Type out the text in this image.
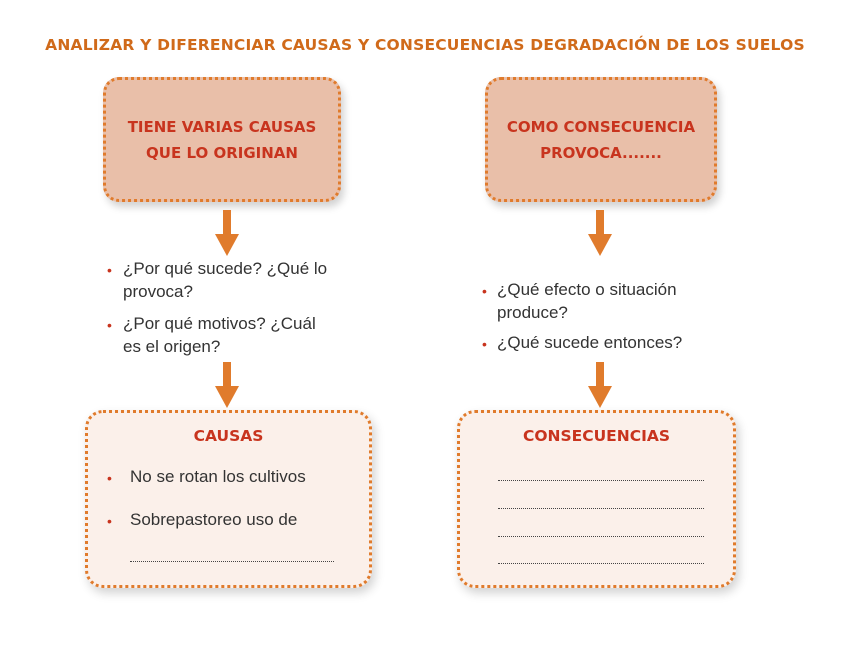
ANALIZAR Y DIFERENCIAR CAUSAS Y CONSECUENCIAS DEGRADACIÓN DE LOS SUELOS
TIENE VARIAS CAUSAS
QUE LO ORIGINAN
COMO CONSECUENCIA
PROVOCA.......
• ¿Por qué sucede? ¿Qué lo
provoca?
• ¿Por qué motivos? ¿Cuál
es el origen?
• ¿Qué efecto o situación
produce?
• ¿Qué sucede entonces?
CAUSAS
• No se rotan los cultivos
• Sobrepastoreo uso de
CONSECUENCIAS
